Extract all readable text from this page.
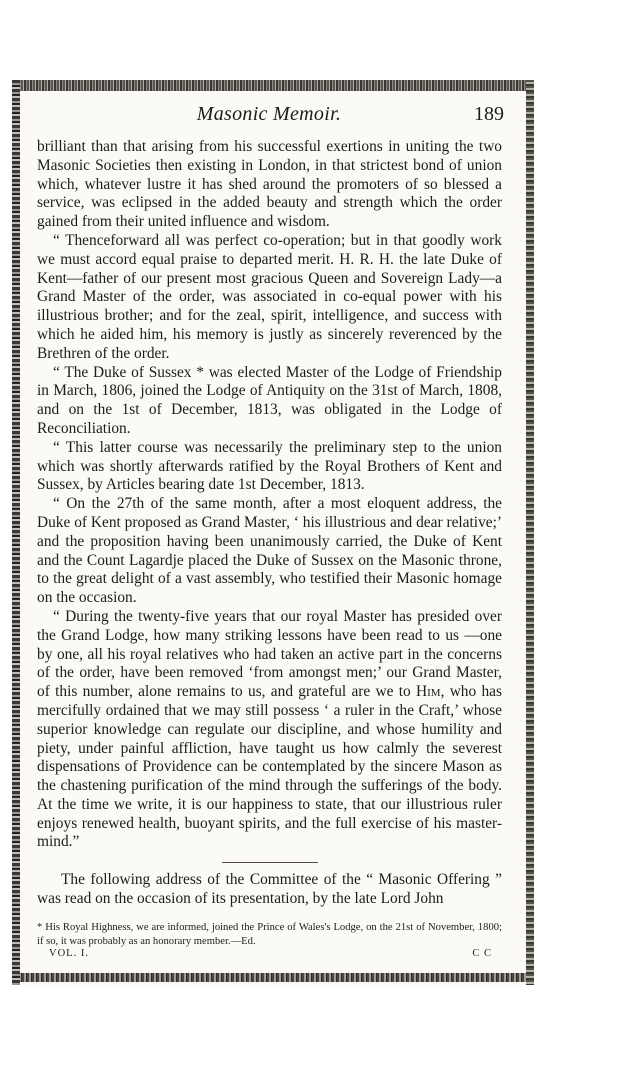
Masonic Memoir.	189

brilliant than that arising from his successful exertions in uniting the two Masonic Societies then existing in London, in that strictest bond of union which, whatever lustre it has shed around the promoters of so blessed a service, was eclipsed in the added beauty and strength which the order gained from their united influence and wisdom.

“ Thenceforward all was perfect co-operation; but in that goodly work we must accord equal praise to departed merit. H. R. H. the late Duke of Kent—father of our present most gracious Queen and Sovereign Lady—a Grand Master of the order, was associated in co-equal power with his illustrious brother; and for the zeal, spirit, intelligence, and success with which he aided him, his memory is justly as sincerely reverenced by the Brethren of the order.

“ The Duke of Sussex * was elected Master of the Lodge of Friendship in March, 1806, joined the Lodge of Antiquity on the 31st of March, 1808, and on the 1st of December, 1813, was obligated in the Lodge of Reconciliation.

“ This latter course was necessarily the preliminary step to the union which was shortly afterwards ratified by the Royal Brothers of Kent and Sussex, by Articles bearing date 1st December, 1813.

“ On the 27th of the same month, after a most eloquent address, the Duke of Kent proposed as Grand Master, ‘ his illustrious and dear relative;’ and the proposition having been unanimously carried, the Duke of Kent and the Count Lagardje placed the Duke of Sussex on the Masonic throne, to the great delight of a vast assembly, who testified their Masonic homage on the occasion.

“ During the twenty-five years that our royal Master has presided over the Grand Lodge, how many striking lessons have been read to us —one by one, all his royal relatives who had taken an active part in the concerns of the order, have been removed ‘from amongst men;’ our Grand Master, of this number, alone remains to us, and grateful are we to Him, who has mercifully ordained that we may still possess ‘ a ruler in the Craft,’ whose superior knowledge can regulate our discipline, and whose humility and piety, under painful affliction, have taught us how calmly the severest dispensations of Providence can be contemplated by the sincere Mason as the chastening purification of the mind through the sufferings of the body. At the time we write, it is our happiness to state, that our illustrious ruler enjoys renewed health, buoyant spirits, and the full exercise of his master-mind.”

The following address of the Committee of the “ Masonic Offering ” was read on the occasion of its presentation, by the late Lord John

* His Royal Highness, we are informed, joined the Prince of Wales's Lodge, on the 21st of November, 1800; if so, it was probably as an honorary member.—Ed.

VOL. I.	C C
